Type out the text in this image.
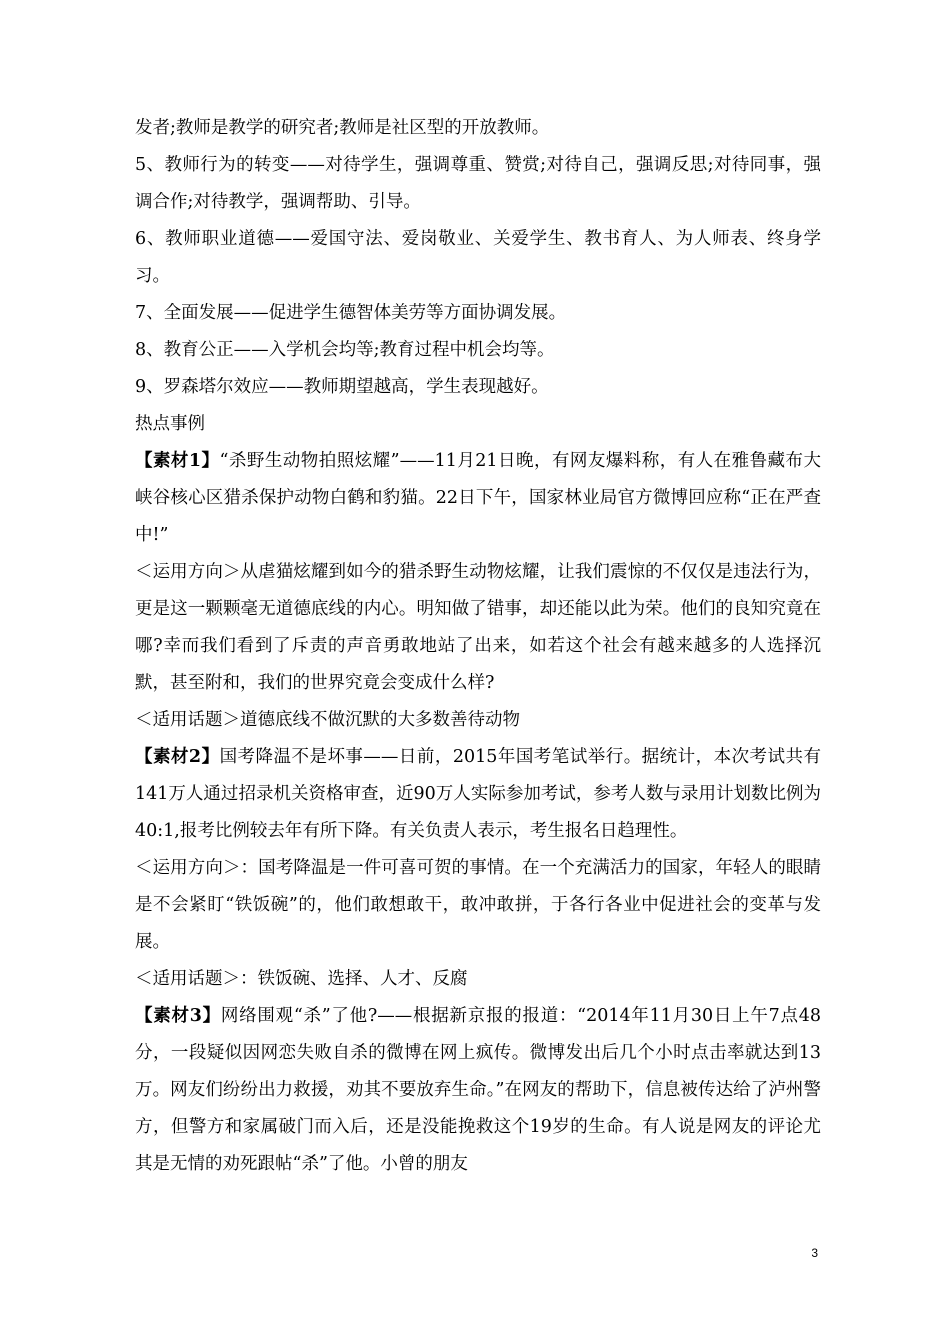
发者;教师是教学的研究者;教师是社区型的开放教师。

5、教师行为的转变——对待学生，强调尊重、赞赏;对待自己，强调反思;对待同事，强调合作;对待教学，强调帮助、引导。

6、教师职业道德——爱国守法、爱岗敬业、关爱学生、教书育人、为人师表、终身学习。

7、全面发展——促进学生德智体美劳等方面协调发展。

8、教育公正——入学机会均等;教育过程中机会均等。

9、罗森塔尔效应——教师期望越高，学生表现越好。

热点事例

【素材1】“杀野生动物拍照炫耀”——11月21日晚，有网友爆料称，有人在雅鲁藏布大峡谷核心区猎杀保护动物白鹤和豹猫。22日下午，国家林业局官方微博回应称“正在严查中!”

＜运用方向＞从虐猫炫耀到如今的猎杀野生动物炫耀，让我们震惊的不仅仅是违法行为，更是这一颗颗毫无道德底线的内心。明知做了错事，却还能以此为荣。他们的良知究竟在哪?幸而我们看到了斥责的声音勇敢地站了出来，如若这个社会有越来越多的人选择沉默，甚至附和，我们的世界究竟会变成什么样?

＜适用话题＞道德底线不做沉默的大多数善待动物

【素材2】国考降温不是坏事——日前，2015年国考笔试举行。据统计，本次考试共有141万人通过招录机关资格审查，近90万人实际参加考试，参考人数与录用计划数比例为40:1,报考比例较去年有所下降。有关负责人表示，考生报名日趋理性。

＜运用方向＞：国考降温是一件可喜可贺的事情。在一个充满活力的国家，年轻人的眼睛是不会紧盯“铁饭碗”的，他们敢想敢干，敢冲敢拼，于各行各业中促进社会的变革与发展。

＜适用话题＞：铁饭碗、选择、人才、反腐

【素材3】网络围观“杀”了他?——根据新京报的报道：“2014年11月30日上午7点48分，一段疑似因网恋失败自杀的微博在网上疯传。微博发出后几个小时点击率就达到13万。网友们纷纷出力救援，劝其不要放弃生命。”在网友的帮助下，信息被传达给了泸州警方，但警方和家属破门而入后，还是没能挽救这个19岁的生命。有人说是网友的评论尤其是无情的劝死跟帖“杀”了他。小曾的朋友

3
